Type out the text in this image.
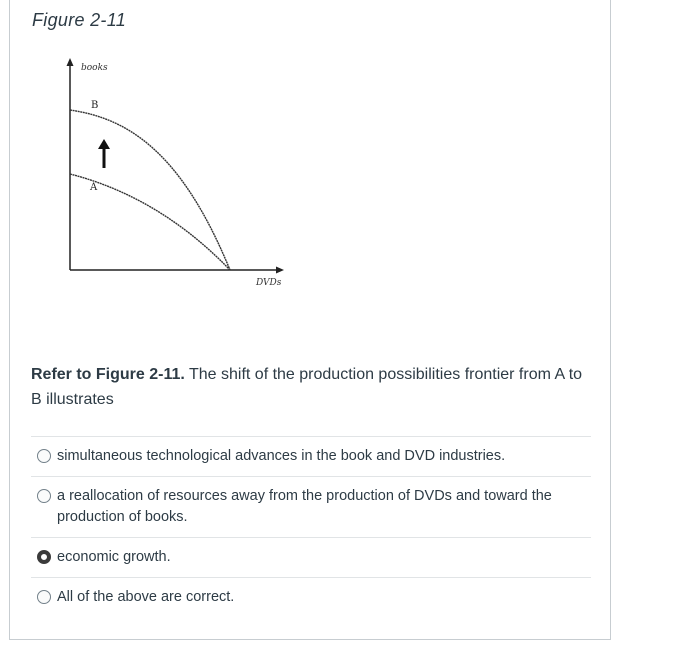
Figure 2-11
books
DVDs
B
A
Refer to Figure 2-11. The shift of the production possibilities frontier from A to B illustrates
simultaneous technological advances in the book and DVD industries.
a reallocation of resources away from the production of DVDs and toward the production of books.
economic growth.
All of the above are correct.
